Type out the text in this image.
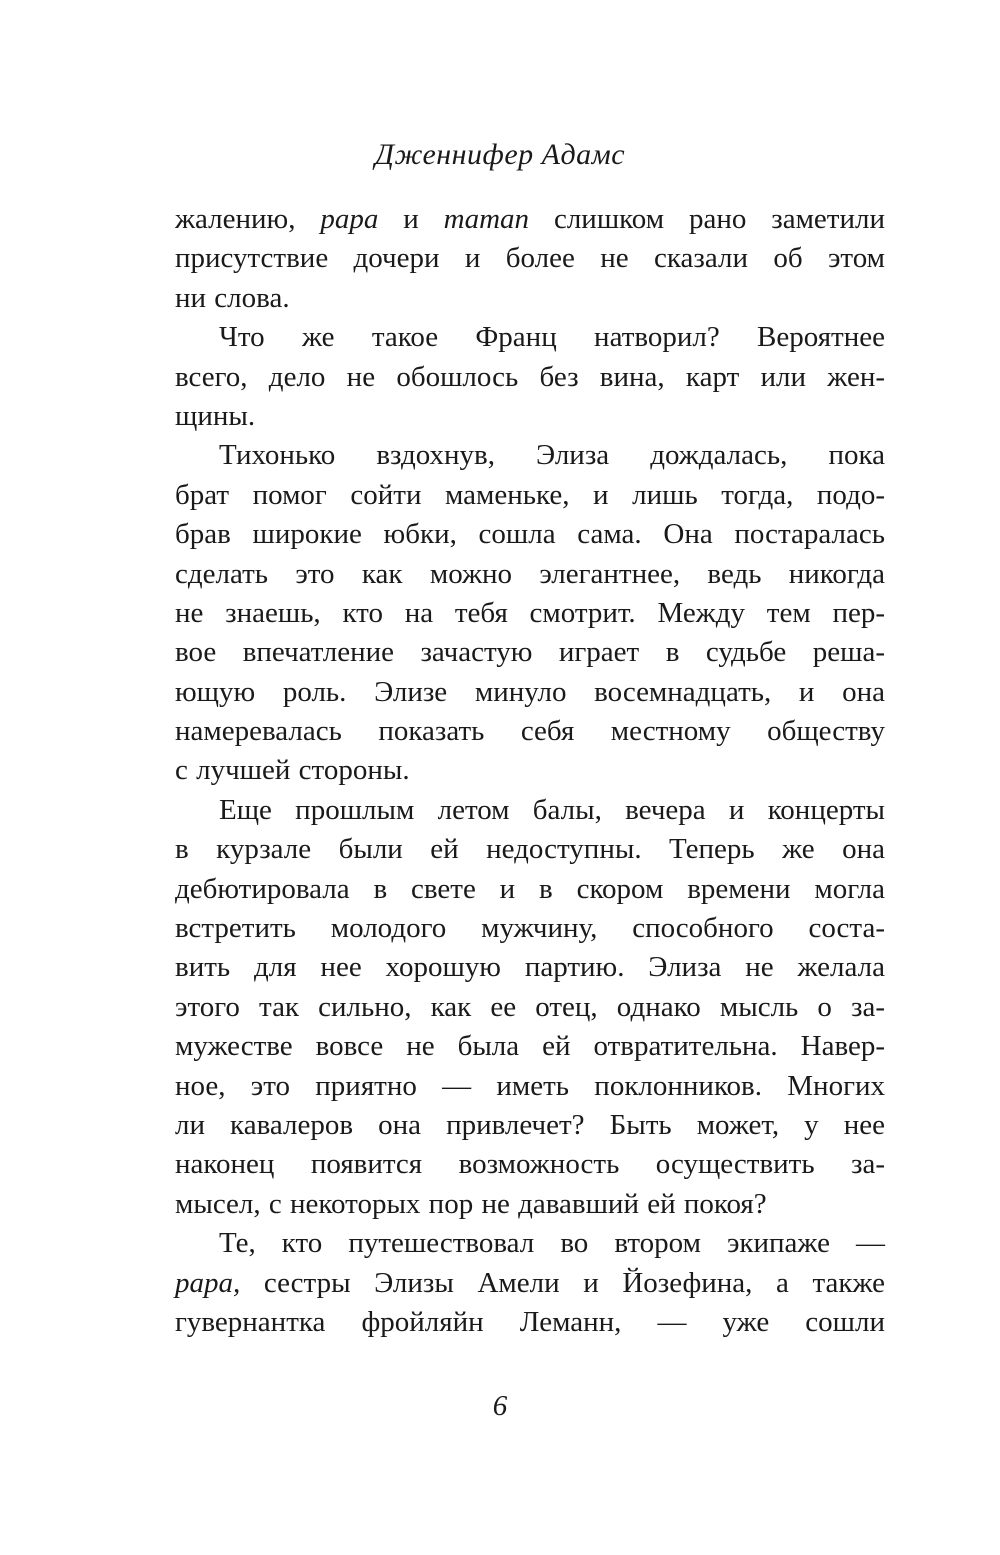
Дженнифер Адамс
жалению, papa и maman слишком рано заметили
присутствие дочери и более не сказали об этом
ни слова.
Что же такое Франц натворил? Вероятнее
всего, дело не обошлось без вина, карт или жен-
щины.
Тихонько вздохнув, Элиза дождалась, пока
брат помог сойти маменьке, и лишь тогда, подо-
брав широкие юбки, сошла сама. Она постаралась
сделать это как можно элегантнее, ведь никогда
не знаешь, кто на тебя смотрит. Между тем пер-
вое впечатление зачастую играет в судьбе реша-
ющую роль. Элизе минуло восемнадцать, и она
намеревалась показать себя местному обществу
с лучшей стороны.
Еще прошлым летом балы, вечера и концерты
в курзале были ей недоступны. Теперь же она
дебютировала в свете и в скором времени могла
встретить молодого мужчину, способного соста-
вить для нее хорошую партию. Элиза не желала
этого так сильно, как ее отец, однако мысль о за-
мужестве вовсе не была ей отвратительна. Навер-
ное, это приятно — иметь поклонников. Многих
ли кавалеров она привлечет? Быть может, у нее
наконец появится возможность осуществить за-
мысел, с некоторых пор не дававший ей покоя?
Те, кто путешествовал во втором экипаже —
papa, сестры Элизы Амели и Йозефина, а также
гувернантка фройляйн Леманн, — уже сошли
6
